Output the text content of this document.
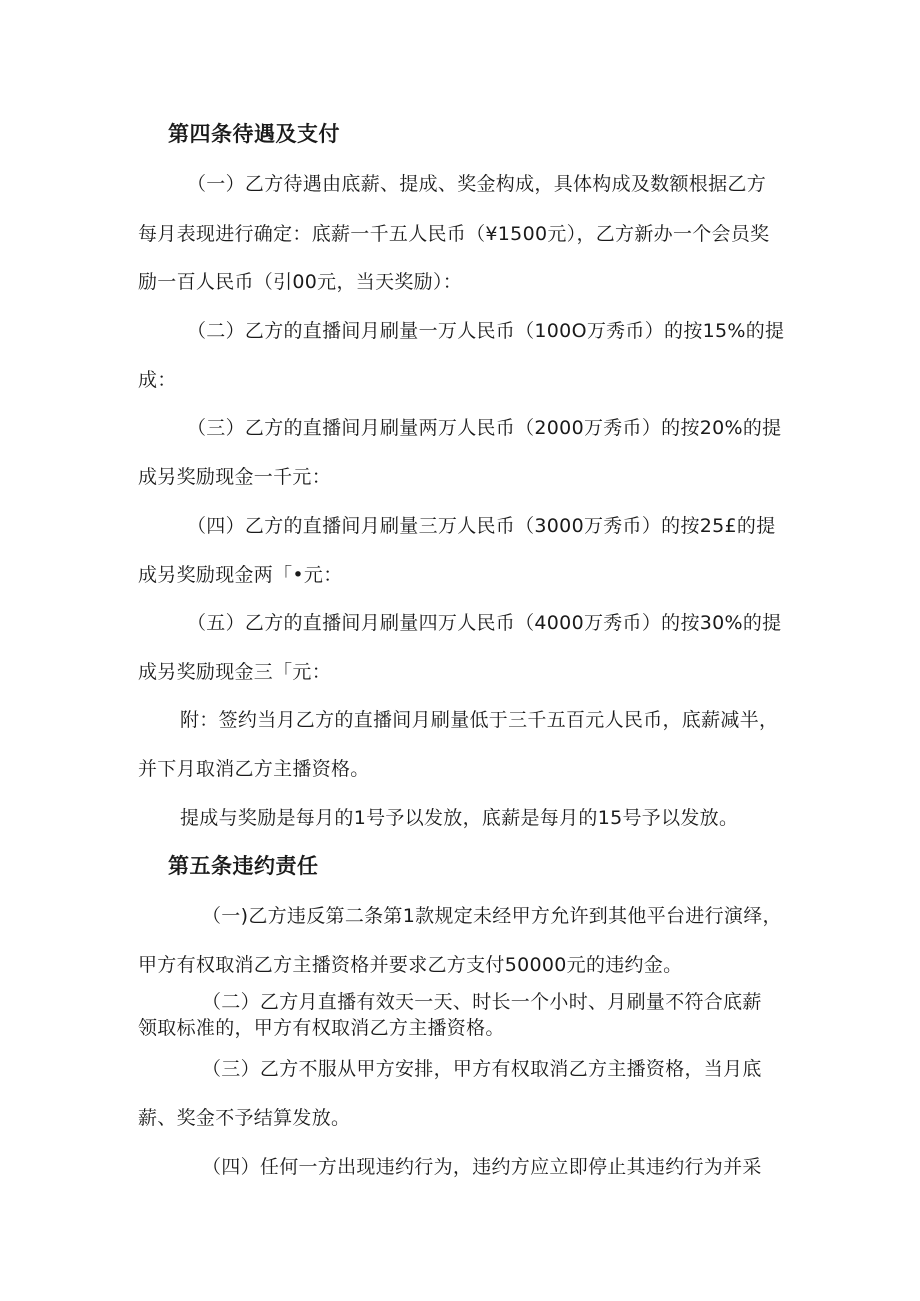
第四条待遇及支付
（一）乙方待遇由底薪、提成、奖金构成，具体构成及数额根据乙方
每月表现进行确定：底薪一千五人民币（¥1500元），乙方新办一个会员奖
励一百人民币（引00元，当天奖励）：
（二）乙方的直播间月刷量一万人民币（100O万秀币）的按15%的提
成：
（三）乙方的直播间月刷量两万人民币（2000万秀币）的按20%的提
成另奖励现金一千元：
（四）乙方的直播间月刷量三万人民币（3000万秀币）的按25£的提
成另奖励现金两「•元：
（五）乙方的直播间月刷量四万人民币（4000万秀币）的按30%的提
成另奖励现金三「元：
附：签约当月乙方的直播间月刷量低于三千五百元人民币，底薪减半，
并下月取消乙方主播资格。
提成与奖励是每月的1号予以发放，底薪是每月的15号予以发放。
第五条违约责任
（一)乙方违反第二条第1款规定未经甲方允许到其他平台进行演绎，
甲方有权取消乙方主播资格并要求乙方支付50000元的违约金。
（二）乙方月直播有效天一天、时长一个小时、月刷量不符合底薪
领取标准的，甲方有权取消乙方主播资格。
（三）乙方不服从甲方安排，甲方有权取消乙方主播资格，当月底
薪、奖金不予结算发放。
（四）任何一方出现违约行为，违约方应立即停止其违约行为并采
